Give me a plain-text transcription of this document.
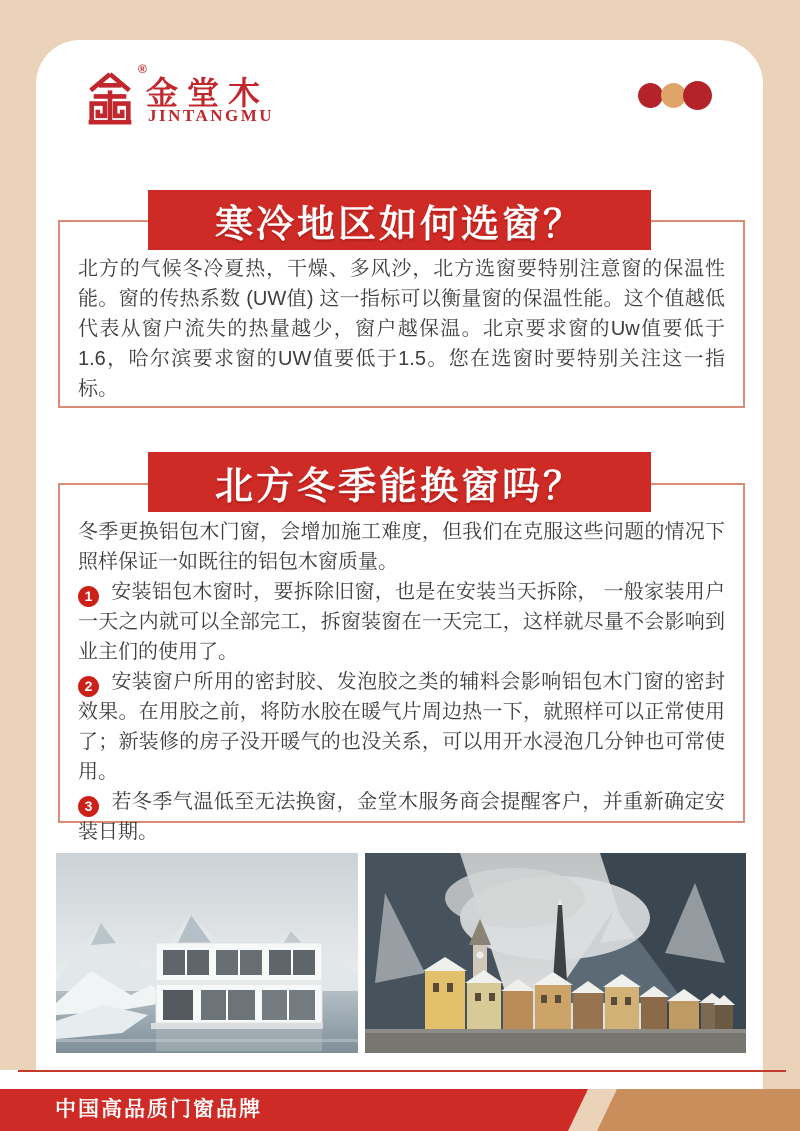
®
金堂木
JINTANGMU
寒冷地区如何选窗？

北方的气候冬冷夏热，干燥、多风沙，北方选窗要特别注意窗的保温性能。窗的传热系数 (UW值) 这一指标可以衡量窗的保温性能。这个值越低代表从窗户流失的热量越少，窗户越保温。北京要求窗的Uw值要低于1.6，哈尔滨要求窗的UW值要低于1.5。您在选窗时要特别关注这一指标。

北方冬季能换窗吗？

冬季更换铝包木门窗，会增加施工难度，但我们在克服这些问题的情况下照样保证一如既往的铝包木窗质量。

1 安装铝包木窗时，要拆除旧窗，也是在安装当天拆除， 一般家装用户一天之内就可以全部完工，拆窗装窗在一天完工，这样就尽量不会影响到业主们的使用了。

2 安装窗户所用的密封胶、发泡胶之类的辅料会影响铝包木门窗的密封效果。在用胶之前，将防水胶在暖气片周边热一下，就照样可以正常使用了；新装修的房子没开暖气的也没关系，可以用开水浸泡几分钟也可常使用。

3 若冬季气温低至无法换窗，金堂木服务商会提醒客户，并重新确定安装日期。

中国高品质门窗品牌
